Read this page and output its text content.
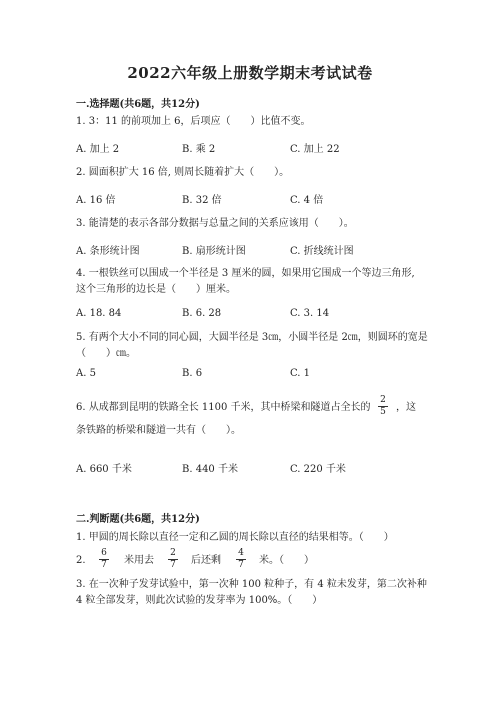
2022六年级上册数学期末考试试卷
一.选择题(共6题，共12分)
1. 3：11 的前项加上 6，后项应（　　）比值不变。
A. 加上 2	B. 乘 2	C. 加上 22
2. 圆面积扩大 16 倍, 则周长随着扩大（　　）。
A. 16 倍	B. 32 倍	C. 4 倍
3. 能清楚的表示各部分数据与总量之间的关系应该用（　　）。
A. 条形统计图	B. 扇形统计图	C. 折线统计图
4. 一根铁丝可以围成一个半径是 3 厘米的圆，如果用它围成一个等边三角形,
这个三角形的边长是（　　）厘米。
A. 18. 84	B. 6. 28	C. 3. 14
5. 有两个大小不同的同心圆，大圆半径是 3㎝，小圆半径是 2㎝，则圆环的宽是
（　　）㎝。
A. 5	B. 6	C. 1
6. 从成都到昆明的铁路全长 1100 千米，其中桥梁和隧道占全长的 $\frac{2}{5}$ ，这
条铁路的桥梁和隧道一共有（　　）。
A. 660 千米	B. 440 千米	C. 220 千米
二.判断题(共6题，共12分)
1. 甲圆的周长除以直径一定和乙圆的周长除以直径的结果相等。（　　）
2. $\frac{6}{7}$ 米用去 $\frac{2}{7}$ 后还剩 $\frac{4}{7}$ 米。（　　）
3. 在一次种子发芽试验中，第一次种 100 粒种子，有 4 粒未发芽，第二次补种
4 粒全部发芽，则此次试验的发芽率为 100%。（　　）
